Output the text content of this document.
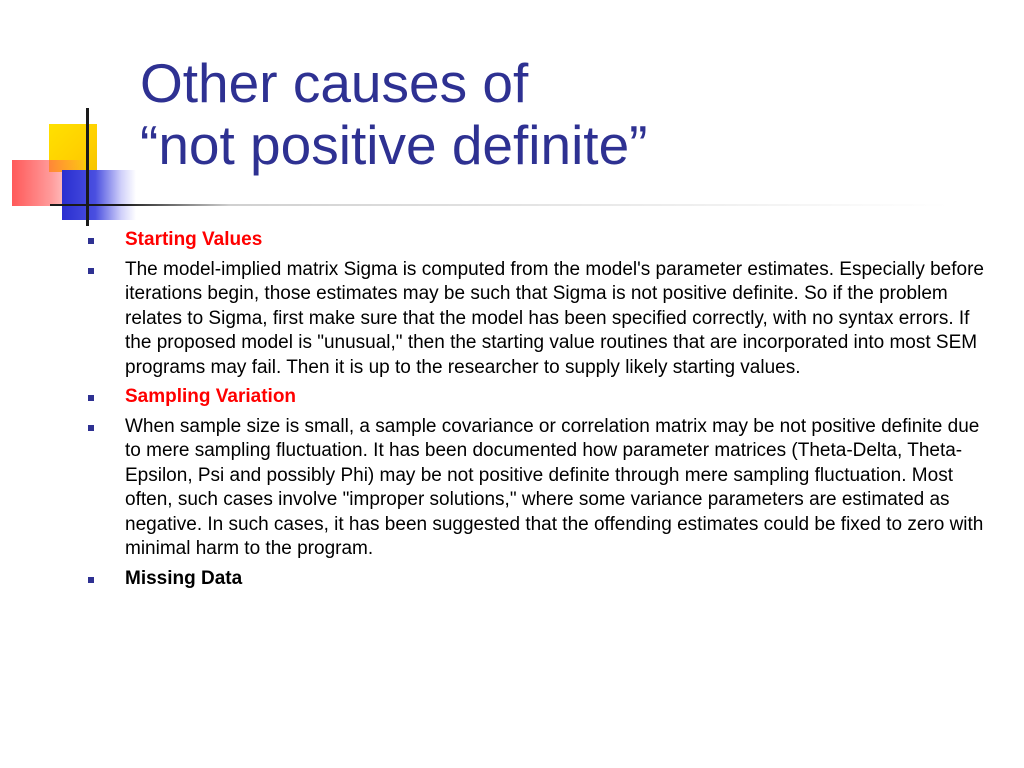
Other causes of
“not positive definite”
Starting Values
The model-implied matrix Sigma is computed from the model's parameter estimates. Especially before iterations begin, those estimates may be such that Sigma is not positive definite. So if the problem relates to Sigma, first make sure that the model has been specified correctly, with no syntax errors. If the proposed model is "unusual," then the starting value routines that are incorporated into most SEM programs may fail. Then it is up to the researcher to supply likely starting values.
Sampling Variation
When sample size is small, a sample covariance or correlation matrix may be not positive definite due to mere sampling fluctuation. It has been documented how parameter matrices (Theta-Delta, Theta-Epsilon, Psi and possibly Phi) may be not positive definite through mere sampling fluctuation. Most often, such cases involve "improper solutions," where some variance parameters are estimated as negative. In such cases, it has been suggested that the offending estimates could be fixed to zero with minimal harm to the program.
Missing Data
